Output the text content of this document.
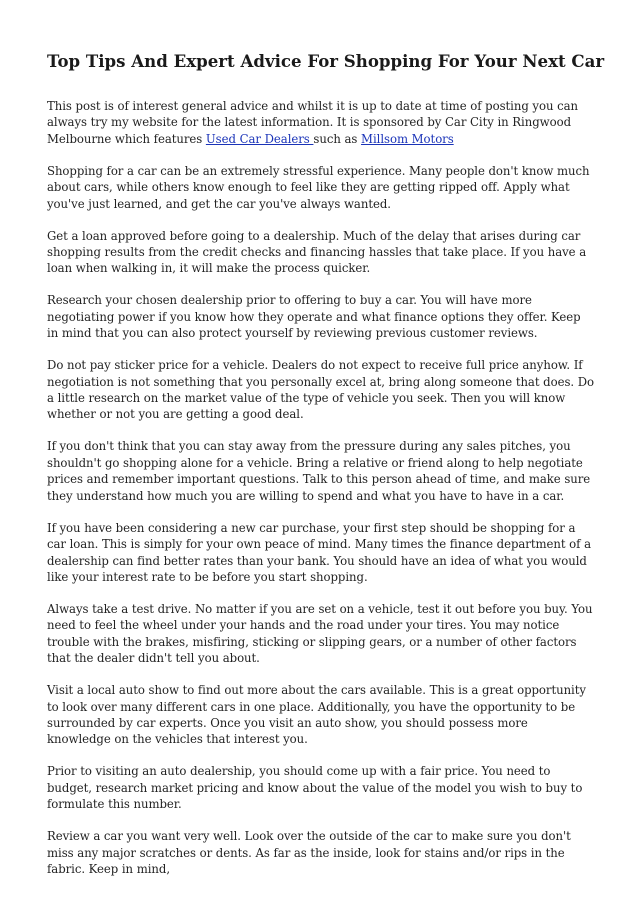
Top Tips And Expert Advice For Shopping For Your Next Car

This post is of interest general advice and whilst it is up to date at time of posting you can always try my website for the latest information. It is sponsored by Car City in Ringwood Melbourne which features Used Car Dealers such as Millsom Motors

Shopping for a car can be an extremely stressful experience. Many people don't know much about cars, while others know enough to feel like they are getting ripped off. Apply what you've just learned, and get the car you've always wanted.

Get a loan approved before going to a dealership. Much of the delay that arises during car shopping results from the credit checks and financing hassles that take place. If you have a loan when walking in, it will make the process quicker.

Research your chosen dealership prior to offering to buy a car. You will have more negotiating power if you know how they operate and what finance options they offer. Keep in mind that you can also protect yourself by reviewing previous customer reviews.

Do not pay sticker price for a vehicle. Dealers do not expect to receive full price anyhow. If negotiation is not something that you personally excel at, bring along someone that does. Do a little research on the market value of the type of vehicle you seek. Then you will know whether or not you are getting a good deal.

If you don't think that you can stay away from the pressure during any sales pitches, you shouldn't go shopping alone for a vehicle. Bring a relative or friend along to help negotiate prices and remember important questions. Talk to this person ahead of time, and make sure they understand how much you are willing to spend and what you have to have in a car.

If you have been considering a new car purchase, your first step should be shopping for a car loan. This is simply for your own peace of mind. Many times the finance department of a dealership can find better rates than your bank. You should have an idea of what you would like your interest rate to be before you start shopping.

Always take a test drive. No matter if you are set on a vehicle, test it out before you buy. You need to feel the wheel under your hands and the road under your tires. You may notice trouble with the brakes, misfiring, sticking or slipping gears, or a number of other factors that the dealer didn't tell you about.

Visit a local auto show to find out more about the cars available. This is a great opportunity to look over many different cars in one place. Additionally, you have the opportunity to be surrounded by car experts. Once you visit an auto show, you should possess more knowledge on the vehicles that interest you.

Prior to visiting an auto dealership, you should come up with a fair price. You need to budget, research market pricing and know about the value of the model you wish to buy to formulate this number.

Review a car you want very well. Look over the outside of the car to make sure you don't miss any major scratches or dents. As far as the inside, look for stains and/or rips in the fabric. Keep in mind,
